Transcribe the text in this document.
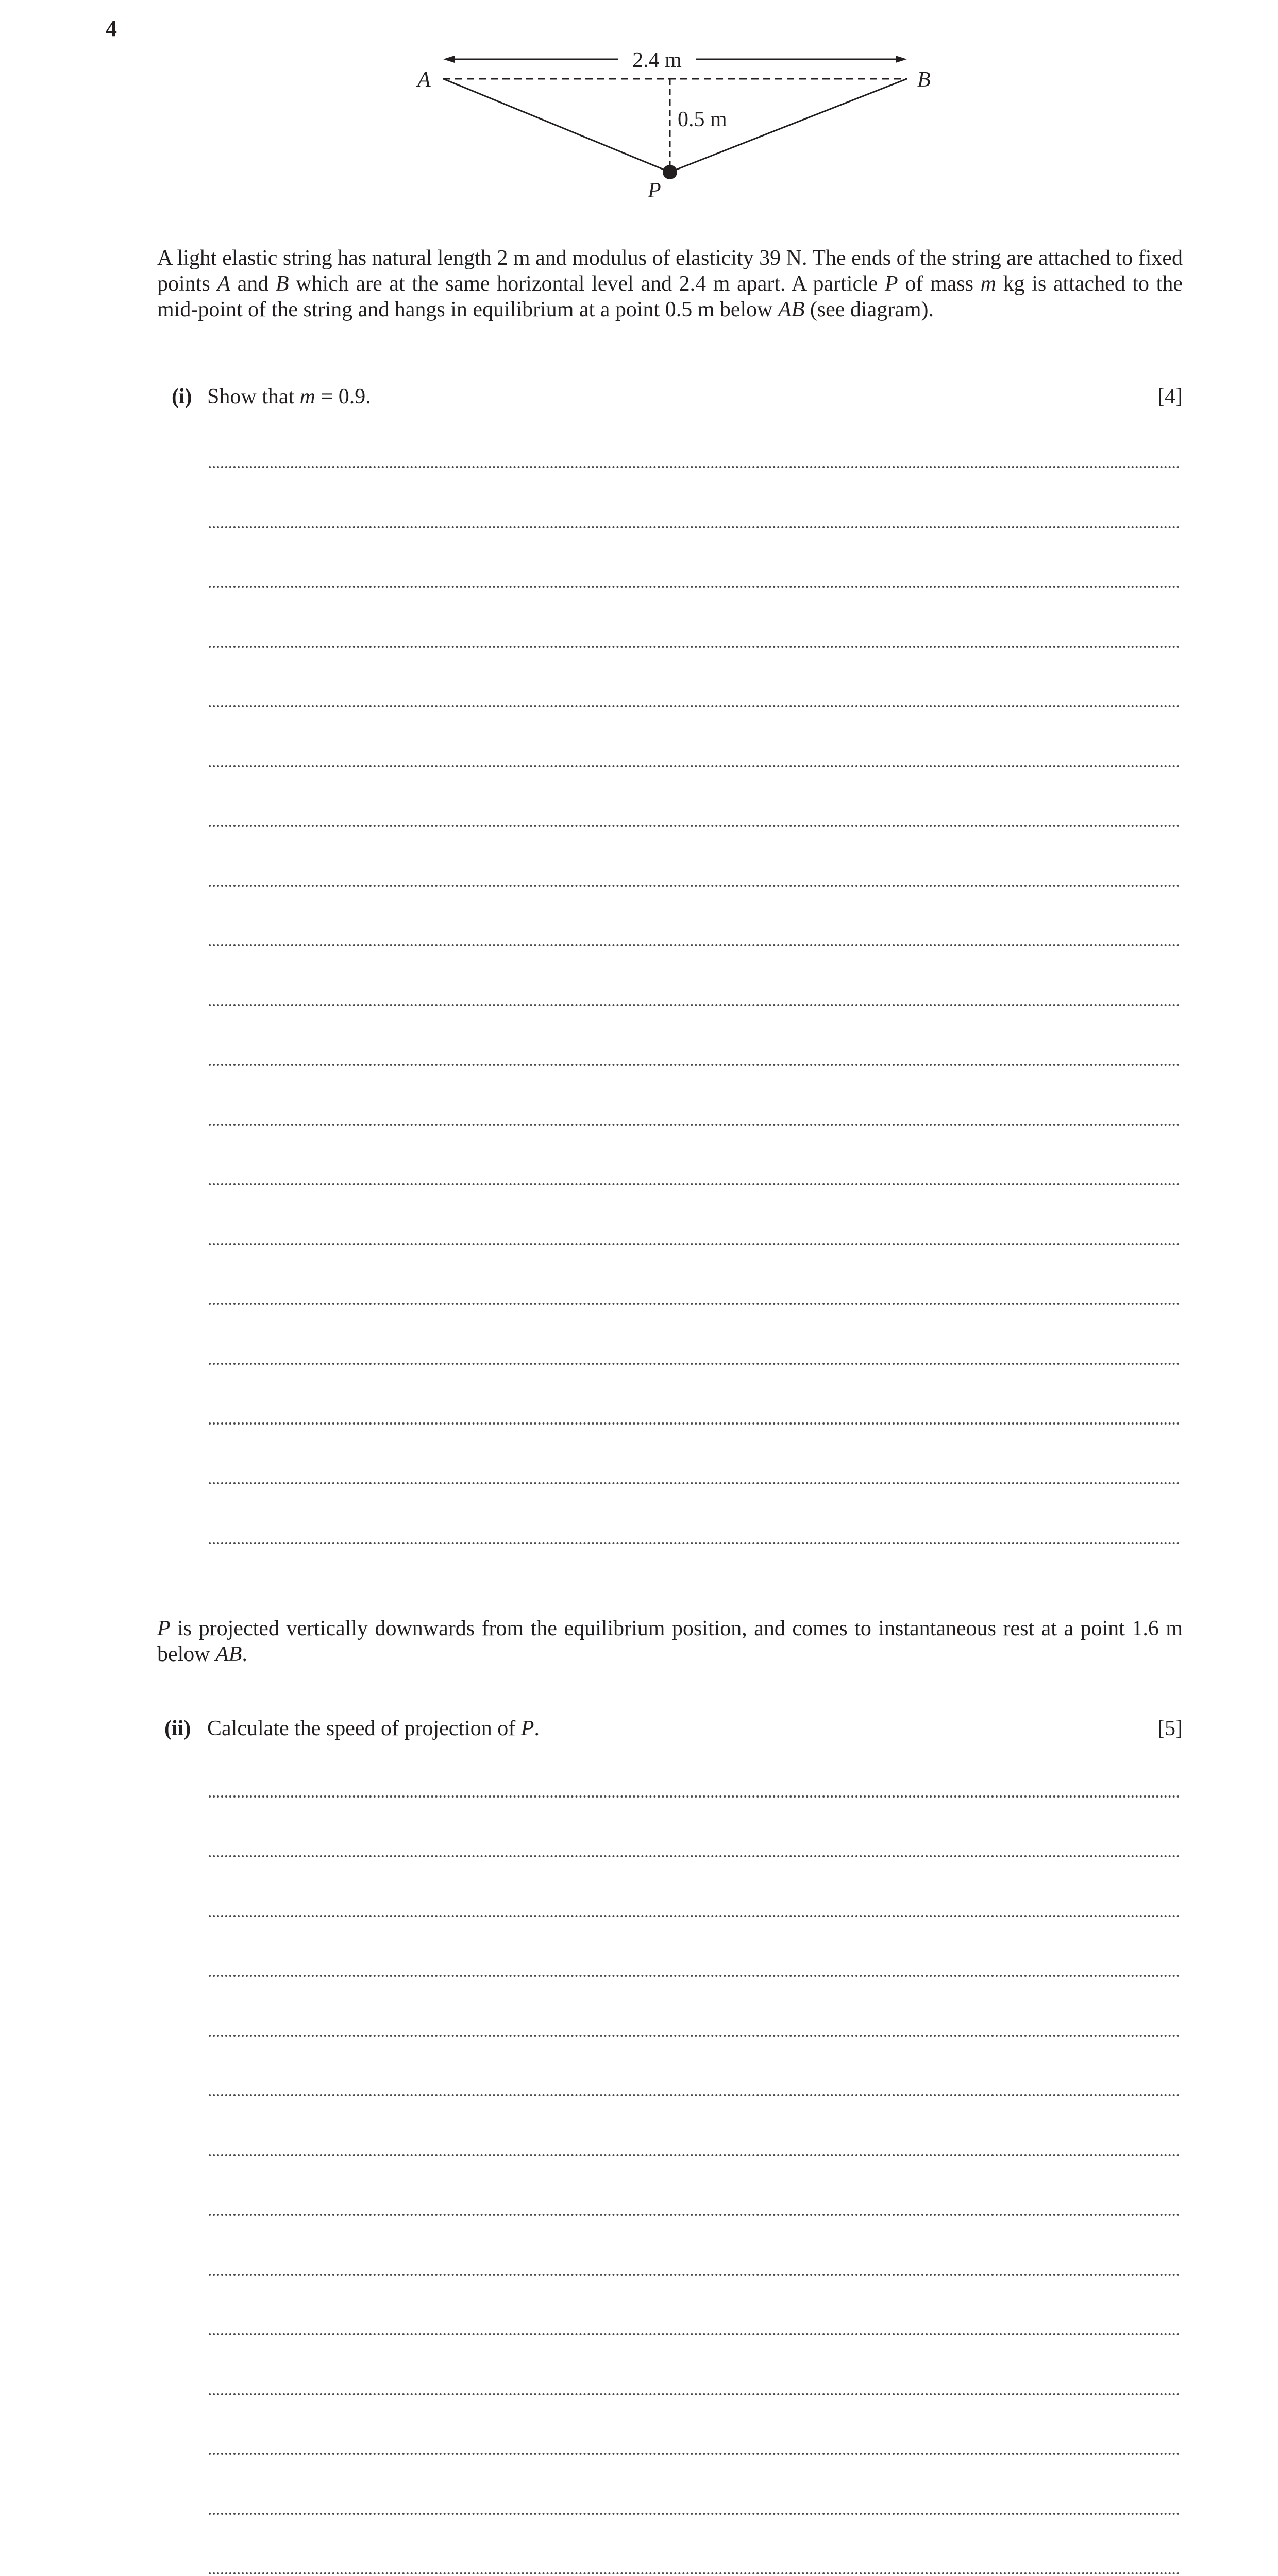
4
2.4 m
0.5 m
A	B
P
A light elastic string has natural length 2 m and modulus of elasticity 39 N. The ends of the string are attached to fixed points A and B which are at the same horizontal level and 2.4 m apart. A particle P of mass m kg is attached to the mid-point of the string and hangs in equilibrium at a point 0.5 m below AB (see diagram).
(i) Show that m = 0.9.	[4]
P is projected vertically downwards from the equilibrium position, and comes to instantaneous rest at a point 1.6 m below AB.
(ii) Calculate the speed of projection of P.	[5]
